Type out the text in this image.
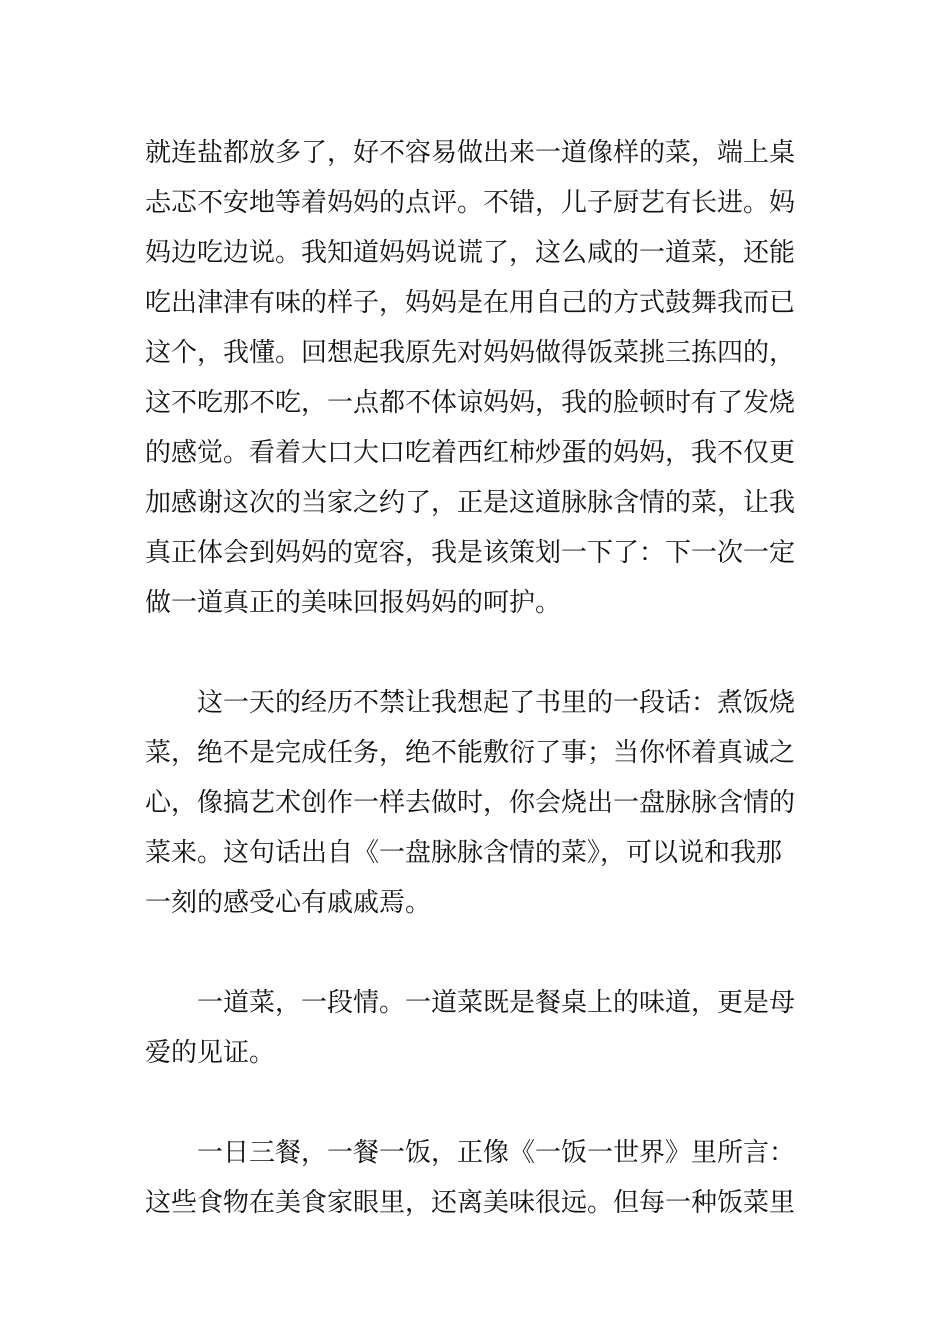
就连盐都放多了，好不容易做出来一道像样的菜，端上桌
忐忑不安地等着妈妈的点评。不错，儿子厨艺有长进。妈
妈边吃边说。我知道妈妈说谎了，这么咸的一道菜，还能
吃出津津有味的样子，妈妈是在用自己的方式鼓舞我而已
这个，我懂。回想起我原先对妈妈做得饭菜挑三拣四的，
这不吃那不吃，一点都不体谅妈妈，我的脸顿时有了发烧
的感觉。看着大口大口吃着西红柿炒蛋的妈妈，我不仅更
加感谢这次的当家之约了，正是这道脉脉含情的菜，让我
真正体会到妈妈的宽容，我是该策划一下了：下一次一定
做一道真正的美味回报妈妈的呵护。
这一天的经历不禁让我想起了书里的一段话：煮饭烧
菜，绝不是完成任务，绝不能敷衍了事；当你怀着真诚之
心，像搞艺术创作一样去做时，你会烧出一盘脉脉含情的
菜来。这句话出自《一盘脉脉含情的菜》，可以说和我那
一刻的感受心有戚戚焉。
一道菜，一段情。一道菜既是餐桌上的味道，更是母
爱的见证。
一日三餐，一餐一饭，正像《一饭一世界》里所言：
这些食物在美食家眼里，还离美味很远。但每一种饭菜里
